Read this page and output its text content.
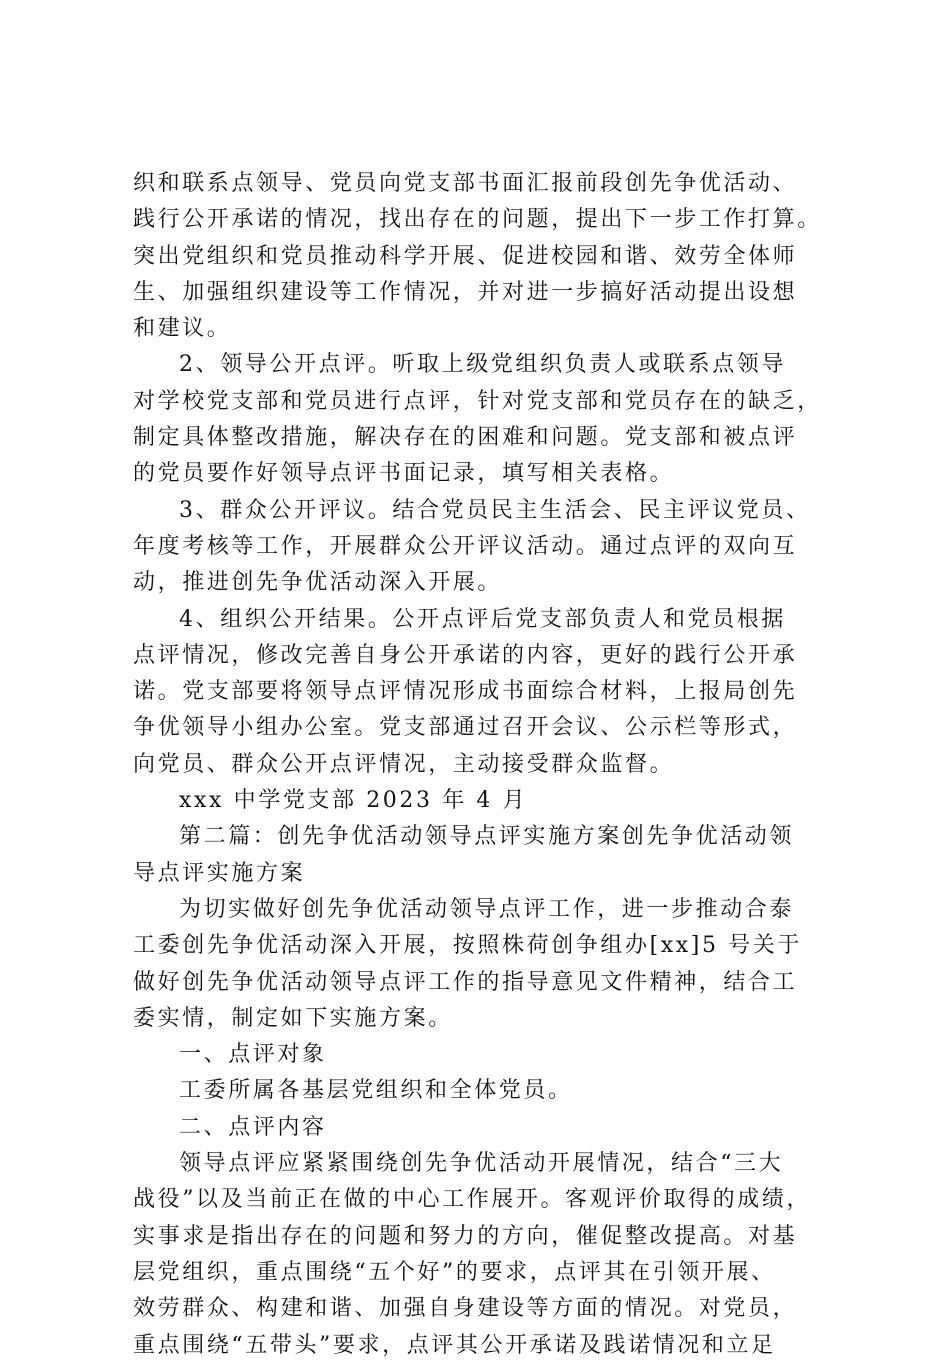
织和联系点领导、党员向党支部书面汇报前段创先争优活动、
践行公开承诺的情况，找出存在的问题，提出下一步工作打算。
突出党组织和党员推动科学开展、促进校园和谐、效劳全体师
生、加强组织建设等工作情况，并对进一步搞好活动提出设想
和建议。
2、领导公开点评。听取上级党组织负责人或联系点领导
对学校党支部和党员进行点评，针对党支部和党员存在的缺乏，
制定具体整改措施，解决存在的困难和问题。党支部和被点评
的党员要作好领导点评书面记录，填写相关表格。
3、群众公开评议。结合党员民主生活会、民主评议党员、
年度考核等工作，开展群众公开评议活动。通过点评的双向互
动，推进创先争优活动深入开展。
4、组织公开结果。公开点评后党支部负责人和党员根据
点评情况，修改完善自身公开承诺的内容，更好的践行公开承
诺。党支部要将领导点评情况形成书面综合材料，上报局创先
争优领导小组办公室。党支部通过召开会议、公示栏等形式，
向党员、群众公开点评情况，主动接受群众监督。
xxx 中学党支部 2023 年 4 月
第二篇：创先争优活动领导点评实施方案创先争优活动领
导点评实施方案
为切实做好创先争优活动领导点评工作，进一步推动合泰
工委创先争优活动深入开展，按照株荷创争组办[xx]5 号关于
做好创先争优活动领导点评工作的指导意见文件精神，结合工
委实情，制定如下实施方案。
一、点评对象
工委所属各基层党组织和全体党员。
二、点评内容
领导点评应紧紧围绕创先争优活动开展情况，结合“三大
战役”以及当前正在做的中心工作展开。客观评价取得的成绩，
实事求是指出存在的问题和努力的方向，催促整改提高。对基
层党组织，重点围绕“五个好”的要求，点评其在引领开展、
效劳群众、构建和谐、加强自身建设等方面的情况。对党员，
重点围绕“五带头”要求，点评其公开承诺及践诺情况和立足
